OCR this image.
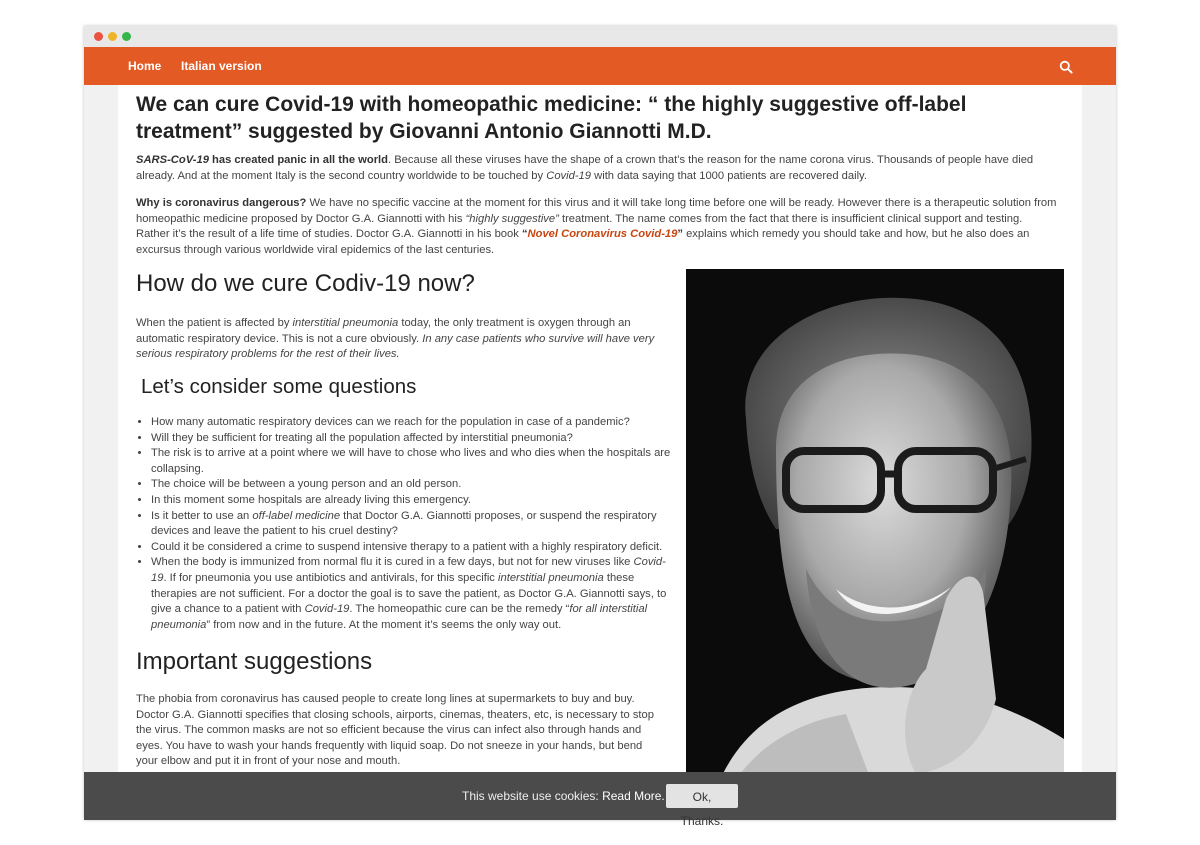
Home Italian version
We can cure Covid-19 with homeopathic medicine: “ the highly suggestive off-label treatment” suggested by Giovanni Antonio Giannotti M.D.

SARS-CoV-19 has created panic in all the world. Because all these viruses have the shape of a crown that’s the reason for the name corona virus. Thousands of people have died already. And at the moment Italy is the second country worldwide to be touched by Covid-19 with data saying that 1000 patients are recovered daily.

Why is coronavirus dangerous? We have no specific vaccine at the moment for this virus and it will take long time before one will be ready. However there is a therapeutic solution from homeopathic medicine proposed by Doctor G.A. Giannotti with his “highly suggestive” treatment. The name comes from the fact that there is insufficient clinical support and testing. Rather it’s the result of a life time of studies. Doctor G.A. Giannotti in his book “Novel Coronavirus Covid-19” explains which remedy you should take and how, but he also does an excursus through various worldwide viral epidemics of the last centuries.

How do we cure Codiv-19 now?

When the patient is affected by interstitial pneumonia today, the only treatment is oxygen through an automatic respiratory device. This is not a cure obviously. In any case patients who survive will have very serious respiratory problems for the rest of their lives.

Let’s consider some questions
• How many automatic respiratory devices can we reach for the population in case of a pandemic?
• Will they be sufficient for treating all the population affected by interstitial pneumonia?
• The risk is to arrive at a point where we will have to chose who lives and who dies when the hospitals are collapsing.
• The choice will be between a young person and an old person.
• In this moment some hospitals are already living this emergency.
• Is it better to use an off-label medicine that Doctor G.A. Giannotti proposes, or suspend the respiratory devices and leave the patient to his cruel destiny?
• Could it be considered a crime to suspend intensive therapy to a patient with a highly respiratory deficit.
• When the body is immunized from normal flu it is cured in a few days, but not for new viruses like Covid-19. If for pneumonia you use antibiotics and antivirals, for this specific interstitial pneumonia these therapies are not sufficient. For a doctor the goal is to save the patient, as Doctor G.A. Giannotti says, to give a chance to a patient with Covid-19. The homeopathic cure can be the remedy “for all interstitial pneumonia” from now and in the future. At the moment it’s seems the only way out.
Important suggestions

The phobia from coronavirus has caused people to create long lines at supermarkets to buy and buy. Doctor G.A. Giannotti specifies that closing schools, airports, cinemas, theaters, etc, is necessary to stop the virus. The common masks are not so efficient because the virus can infect also through hands and eyes. You have to wash your hands frequently with liquid soap. Do not sneeze in your hands, but bend your elbow and put it in front of your nose and mouth.

This website use cookies: Read More.	Ok, Thanks.
